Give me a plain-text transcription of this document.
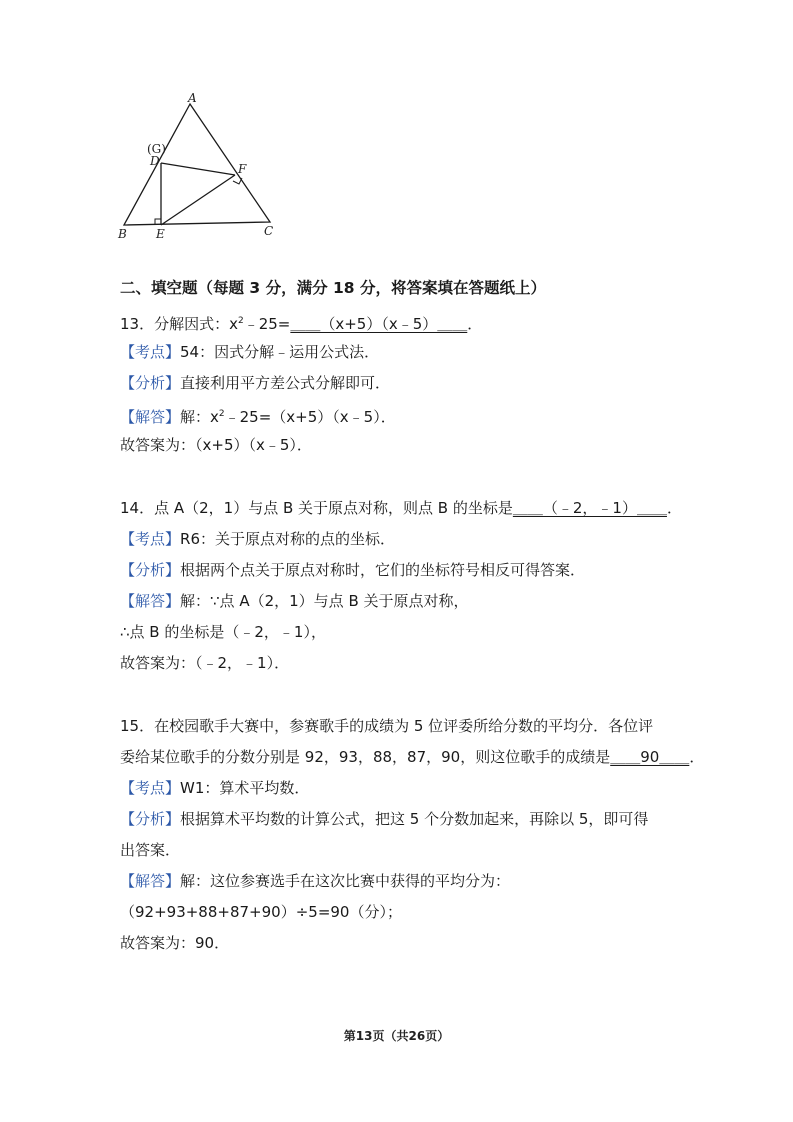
A
(G)
D
F
B E	C
二、填空题（每题 3 分，满分 18 分，将答案填在答题纸上）
13．分解因式：$x^2﹣25=\_\_(x+5)(x﹣5)\_\_$．
【考点】54：因式分解﹣运用公式法．
【分析】直接利用平方差公式分解即可．
【解答】解：$x^2﹣25=(x+5)(x﹣5)$．
故答案为：（x+5）（x﹣5）．
14．点 A（2，1）与点 B 关于原点对称，则点 B 的坐标是＿＿（﹣2，﹣1）＿＿．
【考点】R6：关于原点对称的点的坐标．
【分析】根据两个点关于原点对称时，它们的坐标符号相反可得答案．
【解答】解：∵点 A（2，1）与点 B 关于原点对称，
∴点 B 的坐标是（﹣2，﹣1），
故答案为：（﹣2，﹣1）．
15．在校园歌手大赛中，参赛歌手的成绩为 5 位评委所给分数的平均分．各位评
委给某位歌手的分数分别是 92，93，88，87，90，则这位歌手的成绩是＿＿90＿＿．
【考点】W1：算术平均数．
【分析】根据算术平均数的计算公式，把这 5 个分数加起来，再除以 5，即可得
出答案．
【解答】解：这位参赛选手在这次比赛中获得的平均分为：
（92+93+88+87+90）÷5=90（分）；
故答案为：90．
第13页（共26页）
